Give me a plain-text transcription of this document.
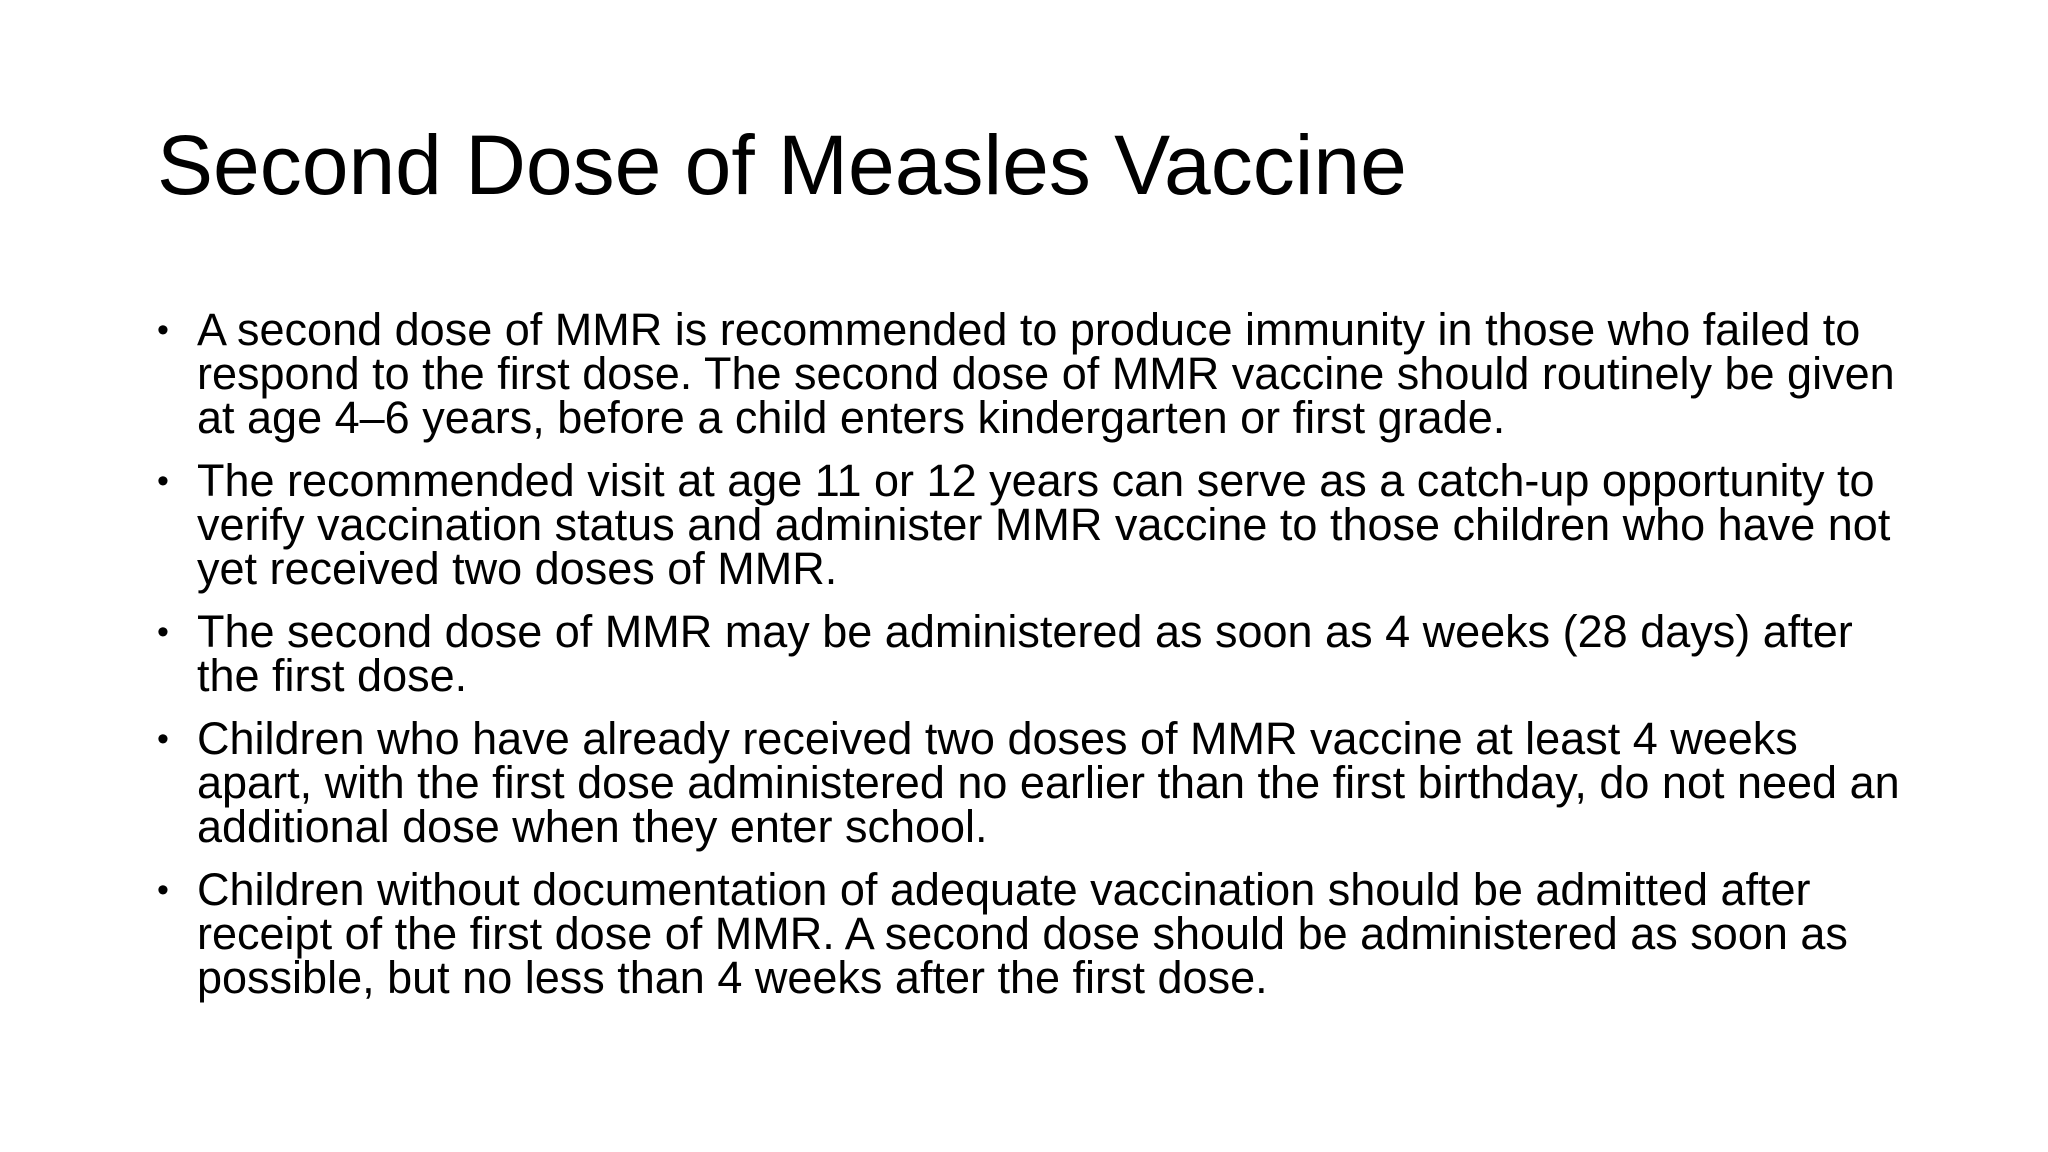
Second Dose of Measles Vaccine
• A second dose of MMR is recommended to produce immunity in those who failed to respond to the first dose. The second dose of MMR vaccine should routinely be given at age 4–6 years, before a child enters kindergarten or first grade.
• The recommended visit at age 11 or 12 years can serve as a catch-up opportunity to verify vaccination status and administer MMR vaccine to those children who have not yet received two doses of MMR.
• The second dose of MMR may be administered as soon as 4 weeks (28 days) after the first dose.
• Children who have already received two doses of MMR vaccine at least 4 weeks apart, with the first dose administered no earlier than the first birthday, do not need an additional dose when they enter school.
• Children without documentation of adequate vaccination should be admitted after receipt of the first dose of MMR. A second dose should be administered as soon as possible, but no less than 4 weeks after the first dose.
